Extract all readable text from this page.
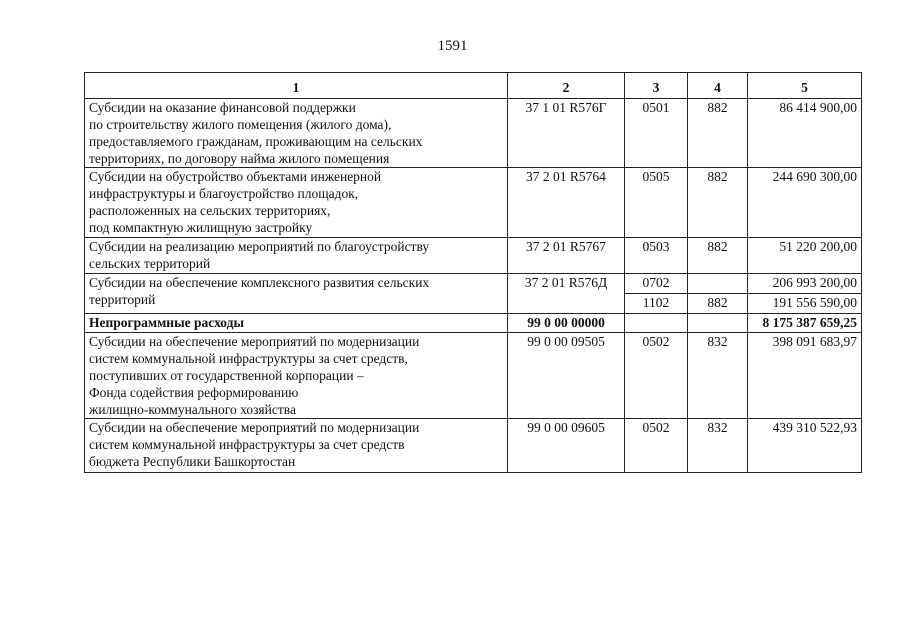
1591
1	2	3	4	5
Субсидии на оказание финансовой поддержки
по строительству жилого помещения (жилого дома),
предоставляемого гражданам, проживающим на сельских
территориях, по договору найма жилого помещения	37 1 01 R576Г	0501	882	86 414 900,00
Субсидии на обустройство объектами инженерной
инфраструктуры и благоустройство площадок,
расположенных на сельских территориях,
под компактную жилищную застройку	37 2 01 R5764	0505	882	244 690 300,00
Субсидии на реализацию мероприятий по благоустройству
сельских территорий	37 2 01 R5767	0503	882	51 220 200,00
Субсидии на обеспечение комплексного развития сельских
территорий	37 2 01 R576Д	0702		206 993 200,00
		1102	882	191 556 590,00
Непрограммные расходы	99 0 00 00000			8 175 387 659,25
Субсидии на обеспечение мероприятий по модернизации
систем коммунальной инфраструктуры за счет средств,
поступивших от государственной корпорации –
Фонда содействия реформированию
жилищно-коммунального хозяйства	99 0 00 09505	0502	832	398 091 683,97
Субсидии на обеспечение мероприятий по модернизации
систем коммунальной инфраструктуры за счет средств
бюджета Республики Башкортостан	99 0 00 09605	0502	832	439 310 522,93
